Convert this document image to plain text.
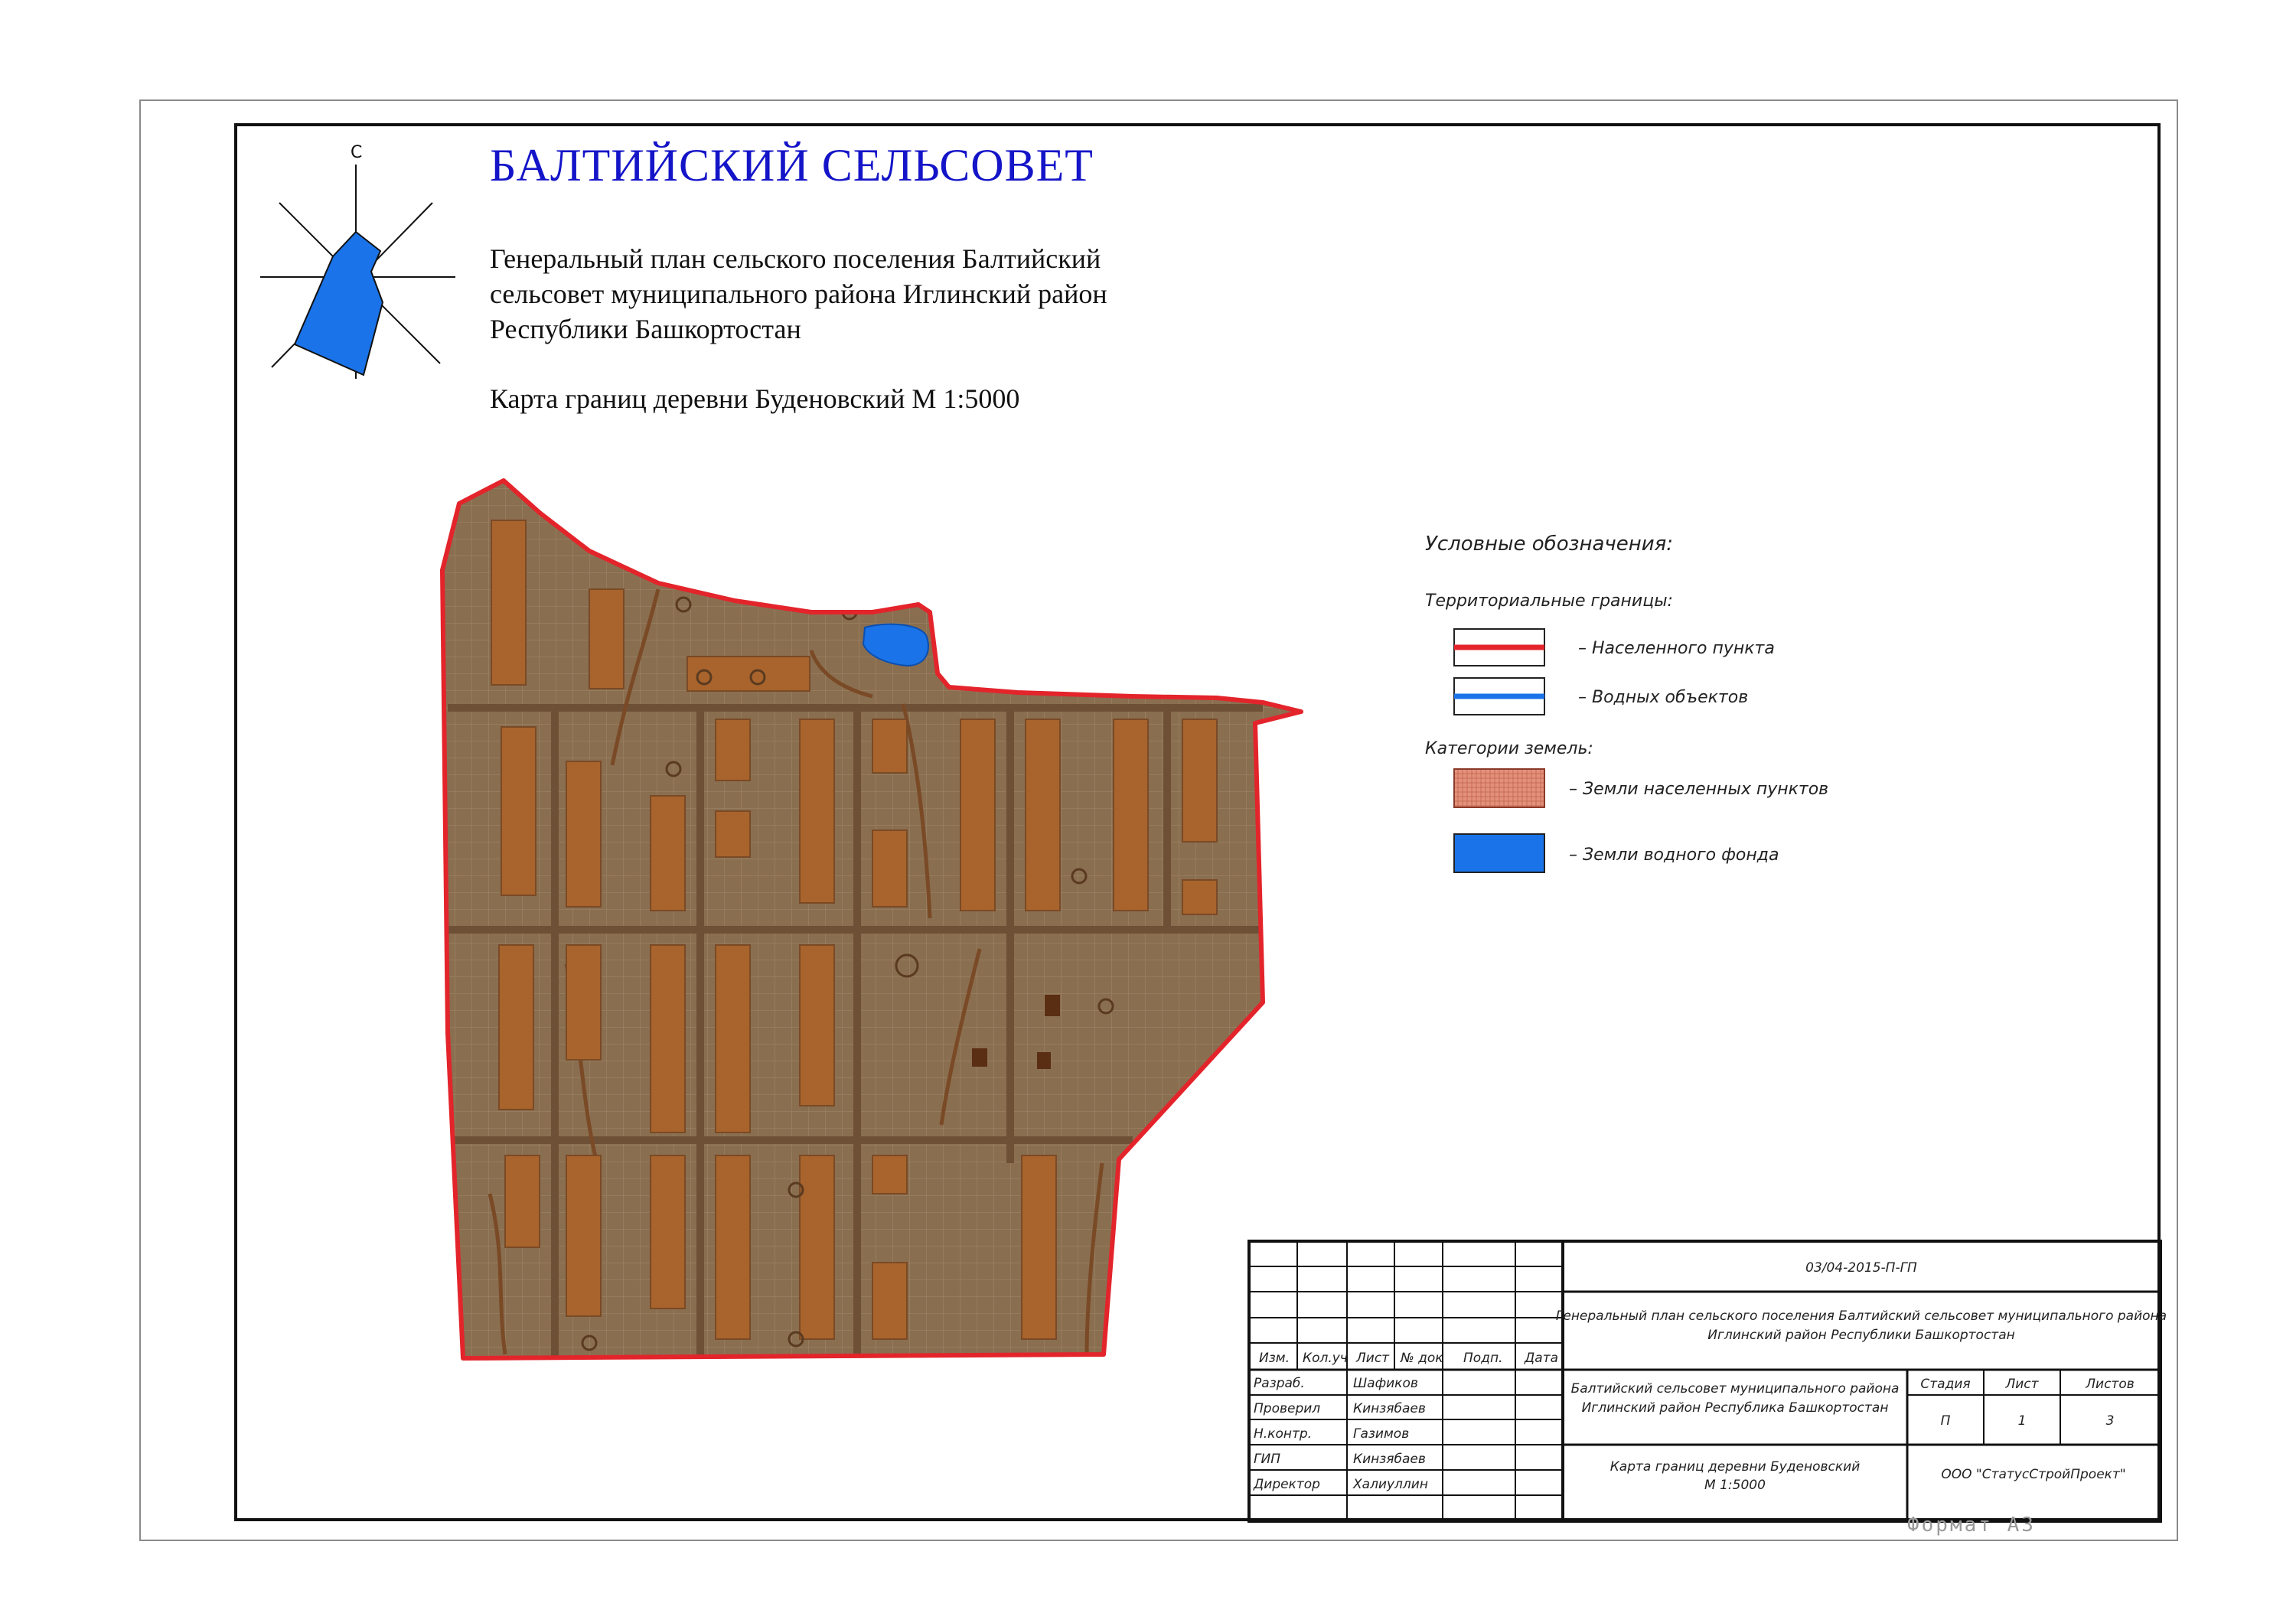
БАЛТИЙСКИЙ СЕЛЬСОВЕТ
Генеральный план сельского поселения Балтийский
сельсовет муниципального района Иглинский район
Республики Башкортостан
Карта границ деревни Буденовский М 1:5000
С
Условные обозначения:
Территориальные границы:
– Населенного пункта
– Водных объектов
Категории земель:
– Земли населенных пунктов
– Земли водного фонда
Изм. Кол.уч Лист № док Подп. Дата
Разраб.	Шафиков
Проверил	Кинзябаев
Н.контр.	Газимов
ГИП	Кинзябаев
Директор	Халиуллин
03/04-2015-П-ГП
Генеральный план сельского поселения Балтийский сельсовет муниципального района
Иглинский район Республики Башкортостан
Балтийский сельсовет муниципального района
Иглинский район Республика Башкортостан
Стадия	Лист	Листов
П	1	3
Карта границ деревни Буденовский
М 1:5000
ООО "СтатусСтройПроект"
Формат А3
